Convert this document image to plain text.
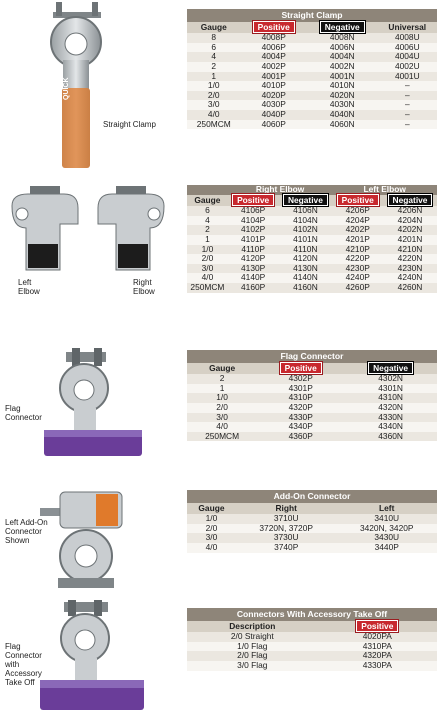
QUICK
Straight Clamp
Straight Clamp			
Gauge	Positive	Negative	Universal
8	4008P	4008N	4008U
6	4006P	4006N	4006U
4	4004P	4004N	4004U
2	4002P	4002N	4002U
1	4001P	4001N	4001U
1/0	4010P	4010N	–
2/0	4020P	4020N	–
3/0	4030P	4030N	–
4/0	4040P	4040N	–
250MCM	4060P	4060N	–
Left Elbow
Right Elbow
	Right Elbow		Left Elbow	
Gauge	Positive	Negative	Positive	Negative
6	4106P	4106N	4206P	4206N
4	4104P	4104N	4204P	4204N
2	4102P	4102N	4202P	4202N
1	4101P	4101N	4201P	4201N
1/0	4110P	4110N	4210P	4210N
2/0	4120P	4120N	4220P	4220N
3/0	4130P	4130N	4230P	4230N
4/0	4140P	4140N	4240P	4240N
250MCM	4160P	4160N	4260P	4260N
Flag Connector
Flag Connector		
Gauge	Positive	Negative
2	4302P	4302N
1	4301P	4301N
1/0	4310P	4310N
2/0	4320P	4320N
3/0	4330P	4330N
4/0	4340P	4340N
250MCM	4360P	4360N
Left Add-On Connector Shown
Add-On Connector		
Gauge	Right	Left
1/0	3710U	3410U
2/0	3720N, 3720P	3420N, 3420P
3/0	3730U	3430U
4/0	3740P	3440P
Flag Connector with Accessory Take Off
Connectors With Accessory Take Off	
Description	Positive
2/0 Straight	4020PA
1/0 Flag	4310PA
2/0 Flag	4320PA
3/0 Flag	4330PA
